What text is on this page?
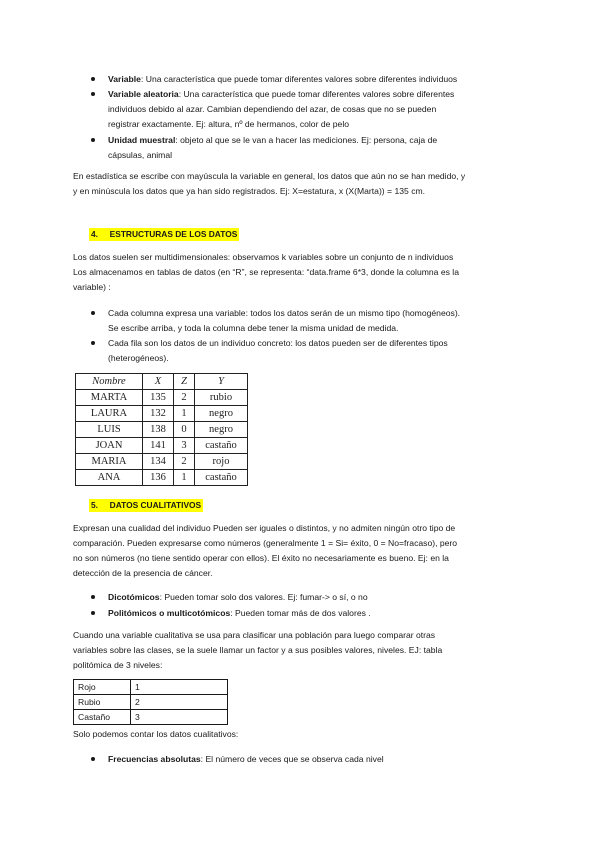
Variable: Una característica que puede tomar diferentes valores sobre diferentes individuos
Variable aleatoria: Una característica que puede tomar diferentes valores sobre diferentes
individuos debido al azar. Cambian dependiendo del azar, de cosas que no se pueden
registrar exactamente. Ej: altura, nº de hermanos, color de pelo
Unidad muestral: objeto al que se le van a hacer las mediciones. Ej: persona, caja de
cápsulas, animal
En estadística se escribe con mayúscula la variable en general, los datos que aún no se han medido, y
y en minúscula los datos que ya han sido registrados. Ej: X=estatura, x (X(Marta)) = 135 cm.
4. ESTRUCTURAS DE LOS DATOS
Los datos suelen ser multidimensionales: observamos k variables sobre un conjunto de n individuos
Los almacenamos en tablas de datos (en “R”, se representa: “data.frame 6*3, donde la columna es la
variable) :
Cada columna expresa una variable: todos los datos serán de un mismo tipo (homogéneos).
Se escribe arriba, y toda la columna debe tener la misma unidad de medida.
Cada fila son los datos de un individuo concreto: los datos pueden ser de diferentes tipos
(heterogéneos).
Nombre	X	Z	Y
MARTA	135	2	rubio
LAURA	132	1	negro
LUIS	138	0	negro
JOAN	141	3	castaño
MARIA	134	2	rojo
ANA	136	1	castaño
5. DATOS CUALITATIVOS
Expresan una cualidad del individuo Pueden ser iguales o distintos, y no admiten ningún otro tipo de
comparación. Pueden expresarse como números (generalmente 1 = Si= éxito, 0 = No=fracaso), pero
no son números (no tiene sentido operar con ellos). El éxito no necesariamente es bueno. Ej: en la
detección de la presencia de cáncer.
Dicotómicos: Pueden tomar solo dos valores. Ej: fumar-> o sí, o no
Politómicos o multicotómicos: Pueden tomar más de dos valores .
Cuando una variable cualitativa se usa para clasificar una población para luego comparar otras
variables sobre las clases, se la suele llamar un factor y a sus posibles valores, niveles. EJ: tabla
politómica de 3 niveles:
Rojo	1
Rubio	2
Castaño	3
Solo podemos contar los datos cualitativos:
Frecuencias absolutas: El número de veces que se observa cada nivel
